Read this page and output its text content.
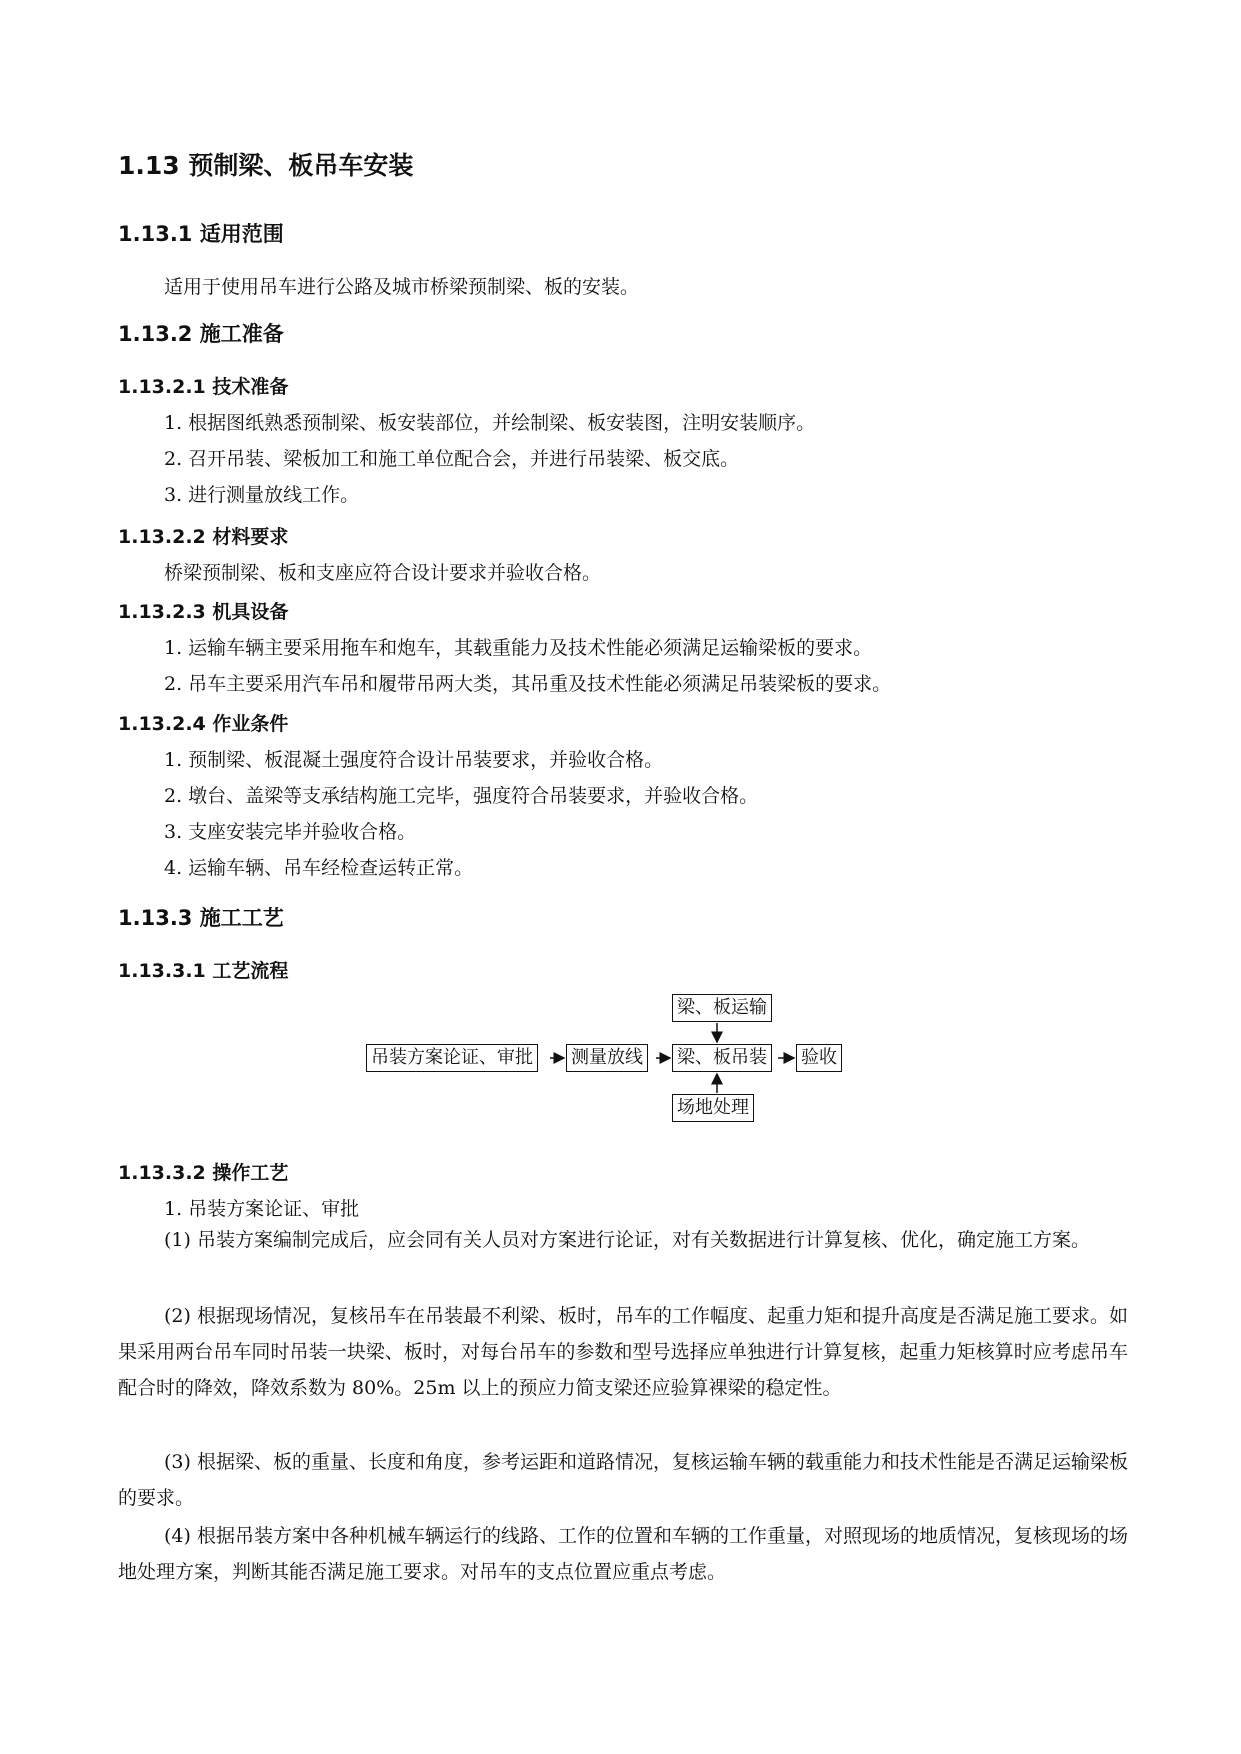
1.13 预制梁、板吊车安装
1.13.1 适用范围
适用于使用吊车进行公路及城市桥梁预制梁、板的安装。
1.13.2 施工准备
1.13.2.1 技术准备
1. 根据图纸熟悉预制梁、板安装部位，并绘制梁、板安装图，注明安装顺序。
2. 召开吊装、梁板加工和施工单位配合会，并进行吊装梁、板交底。
3. 进行测量放线工作。
1.13.2.2 材料要求
桥梁预制梁、板和支座应符合设计要求并验收合格。
1.13.2.3 机具设备
1. 运输车辆主要采用拖车和炮车，其载重能力及技术性能必须满足运输梁板的要求。
2. 吊车主要采用汽车吊和履带吊两大类，其吊重及技术性能必须满足吊装梁板的要求。
1.13.2.4 作业条件
1. 预制梁、板混凝土强度符合设计吊装要求，并验收合格。
2. 墩台、盖梁等支承结构施工完毕，强度符合吊装要求，并验收合格。
3. 支座安装完毕并验收合格。
4. 运输车辆、吊车经检查运转正常。
1.13.3 施工工艺
1.13.3.1 工艺流程
梁、板运输
吊装方案论证、审批 测量放线 梁、板吊装 验收
场地处理
1.13.3.2 操作工艺
1. 吊装方案论证、审批
(1) 吊装方案编制完成后，应会同有关人员对方案进行论证，对有关数据进行计算复核、优化，确定施工方案。
(2) 根据现场情况，复核吊车在吊装最不利梁、板时，吊车的工作幅度、起重力矩和提升高度是否满足施工要求。如果采用两台吊车同时吊装一块梁、板时，对每台吊车的参数和型号选择应单独进行计算复核，起重力矩核算时应考虑吊车配合时的降效，降效系数为 80%。25m 以上的预应力简支梁还应验算裸梁的稳定性。
(3) 根据梁、板的重量、长度和角度，参考运距和道路情况，复核运输车辆的载重能力和技术性能是否满足运输梁板的要求。
(4) 根据吊装方案中各种机械车辆运行的线路、工作的位置和车辆的工作重量，对照现场的地质情况，复核现场的场地处理方案，判断其能否满足施工要求。对吊车的支点位置应重点考虑。
